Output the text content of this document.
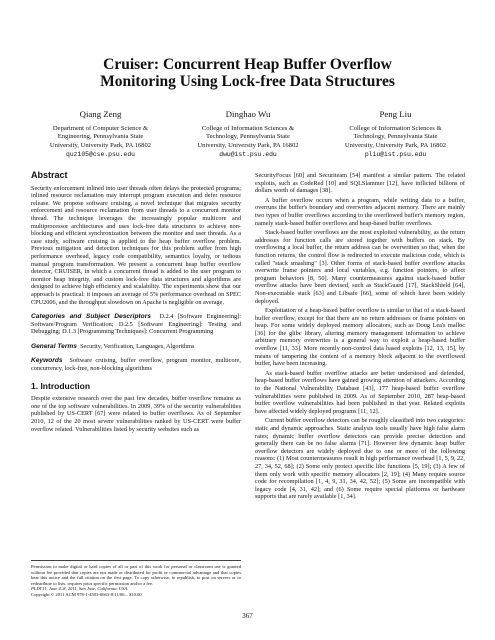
Cruiser: Concurrent Heap Buffer Overflow
Monitoring Using Lock-free Data Structures
Qiang Zeng
Department of Computer Science &
Engineering, Pennsylvania State
University, University Park, PA 16802
quz105@cse.psu.edu
Dinghao Wu
College of Information Sciences &
Technology, Pennsylvania State
University, University Park, PA 16802
dwu@ist.psu.edu
Peng Liu
College of Information Sciences &
Technology, Pennsylvania State
University, University Park, PA 16802
pliu@ist.psu.edu
Abstract

Security enforcement inlined into user threads often delays the protected programs; inlined resource reclamation may interrupt program execution and defer resource release. We propose software cruising, a novel technique that migrates security enforcement and resource reclamation from user threads to a concurrent monitor thread. The technique leverages the increasingly popular multicore and multiprocessor architectures and uses lock-free data structures to achieve non-blocking and efficient synchronization between the monitor and user threads. As a case study, software cruising is applied to the heap buffer overflow problem. Previous mitigation and detection techniques for this problem suffer from high performance overhead, legacy code compatibility, semantics loyalty, or tedious manual program transformation. We present a concurrent heap buffer overflow detector, CRUISER, in which a concurrent thread is added to the user program to monitor heap integrity, and custom lock-free data structures and algorithms are designed to achieve high efficiency and scalability. The experiments show that our approach is practical: it imposes an average of 5% performance overhead on SPEC CPU2006, and the throughput slowdown on Apache is negligible on average.

Categories and Subject Descriptors D.2.4 [Software Engineering]: Software/Program Verification; D.2.5 [Software Engineering]: Testing and Debugging; D.1.3 [Programming Techniques]: Concurrent Programming

General Terms Security, Verification, Languages, Algorithms

Keywords Software cruising, buffer overflow, program monitor, multicore, concurrency, lock-free, non-blocking algorithms

1. Introduction

Despite extensive research over the past few decades, buffer overflow remains as one of the top software vulnerabilities. In 2009, 39% of the security vulnerabilities published by US-CERT [67] were related to buffer overflows. As of September 2010, 12 of the 20 most severe vulnerabilities ranked by US-CERT were buffer overflow related. Vulnerabilities listed by security websites such as

Permission to make digital or hard copies of all or part of this work for personal or classroom use is granted without fee provided that copies are not made or distributed for profit or commercial advantage and that copies bear this notice and the full citation on the first page. To copy otherwise, to republish, to post on servers or to redistribute to lists, requires prior specific permission and/or a fee.
PLDI'11, June 4–8, 2011, San Jose, California, USA.
Copyright © 2011 ACM 978-1-4503-0663-8/11/06... $10.00

SecurityFocus [60] and Securiteam [54] manifest a similar pattern. The related exploits, such as CodeRed [10] and SQLSlammer [12], have inflicted billions of dollars worth of damages [38].

A buffer overflow occurs when a program, while writing data to a buffer, overruns the buffer's boundary and overwrites adjacent memory. There are mainly two types of buffer overflows according to the overflowed buffer's memory region, namely stack-based buffer overflows and heap-based buffer overflows.

Stack-based buffer overflows are the most exploited vulnerability, as the return addresses for function calls are stored together with buffers on stack. By overflowing a local buffer, the return address can be overwritten so that, when the function returns, the control flow is redirected to execute malicious code, which is called "stack smashing" [3]. Other forms of stack-based buffer overflow attacks overwrite frame pointers and local variables, e.g. function pointers, to affect program behaviors [8, 50]. Many countermeasures against stack-based buffer overflow attacks have been devised, such as StackGuard [17], StackShield [64], Non-executable stack [63] and Libsafe [66], some of which have been widely deployed.

Exploitation of a heap-based buffer overflow is similar to that of a stack-based buffer overflow, except for that there are no return addresses or frame pointers on heap. For some widely deployed memory allocators, such as Doug Lea's malloc [36] for the glibc library, altering memory management information to achieve arbitrary memory overwrites is a general way to exploit a heap-based buffer overflow [11, 33]. More recently non-control data based exploits [12, 13, 15], by means of tampering the content of a memory block adjacent to the overflowed buffer, have been increasing.

As stack-based buffer overflow attacks are better understood and defended, heap-based buffer overflows have gained growing attention of attackers. According to the National Vulnerability Database [43], 177 heap-based buffer overflow vulnerabilities were published in 2009. As of September 2010, 287 heap-based buffer overflow vulnerabilities had been published in that year. Related exploits have affected widely deployed programs [11, 12].

Current buffer overflow detectors can be roughly classified into two categories: static and dynamic approaches. Static analysis tools usually have high false alarm rates; dynamic buffer overflow detectors can provide precise detection and generally there can be no false alarms [71]. However few dynamic heap buffer overflow detectors are widely deployed due to one or more of the following reasons: (1) Most countermeasures result in high performance overhead [1, 5, 9, 22, 27, 34, 52, 68]; (2) Some only protect specific libc functions [5, 19]; (3) A few of them only work with specific memory allocators [2, 19]; (4) Many require source code for recompilation [1, 4, 9, 31, 34, 42, 52]; (5) Some are incompatible with legacy code [4, 31, 42]; and (6) Some require special platforms or hardware supports that are rarely available [1, 34].

367
